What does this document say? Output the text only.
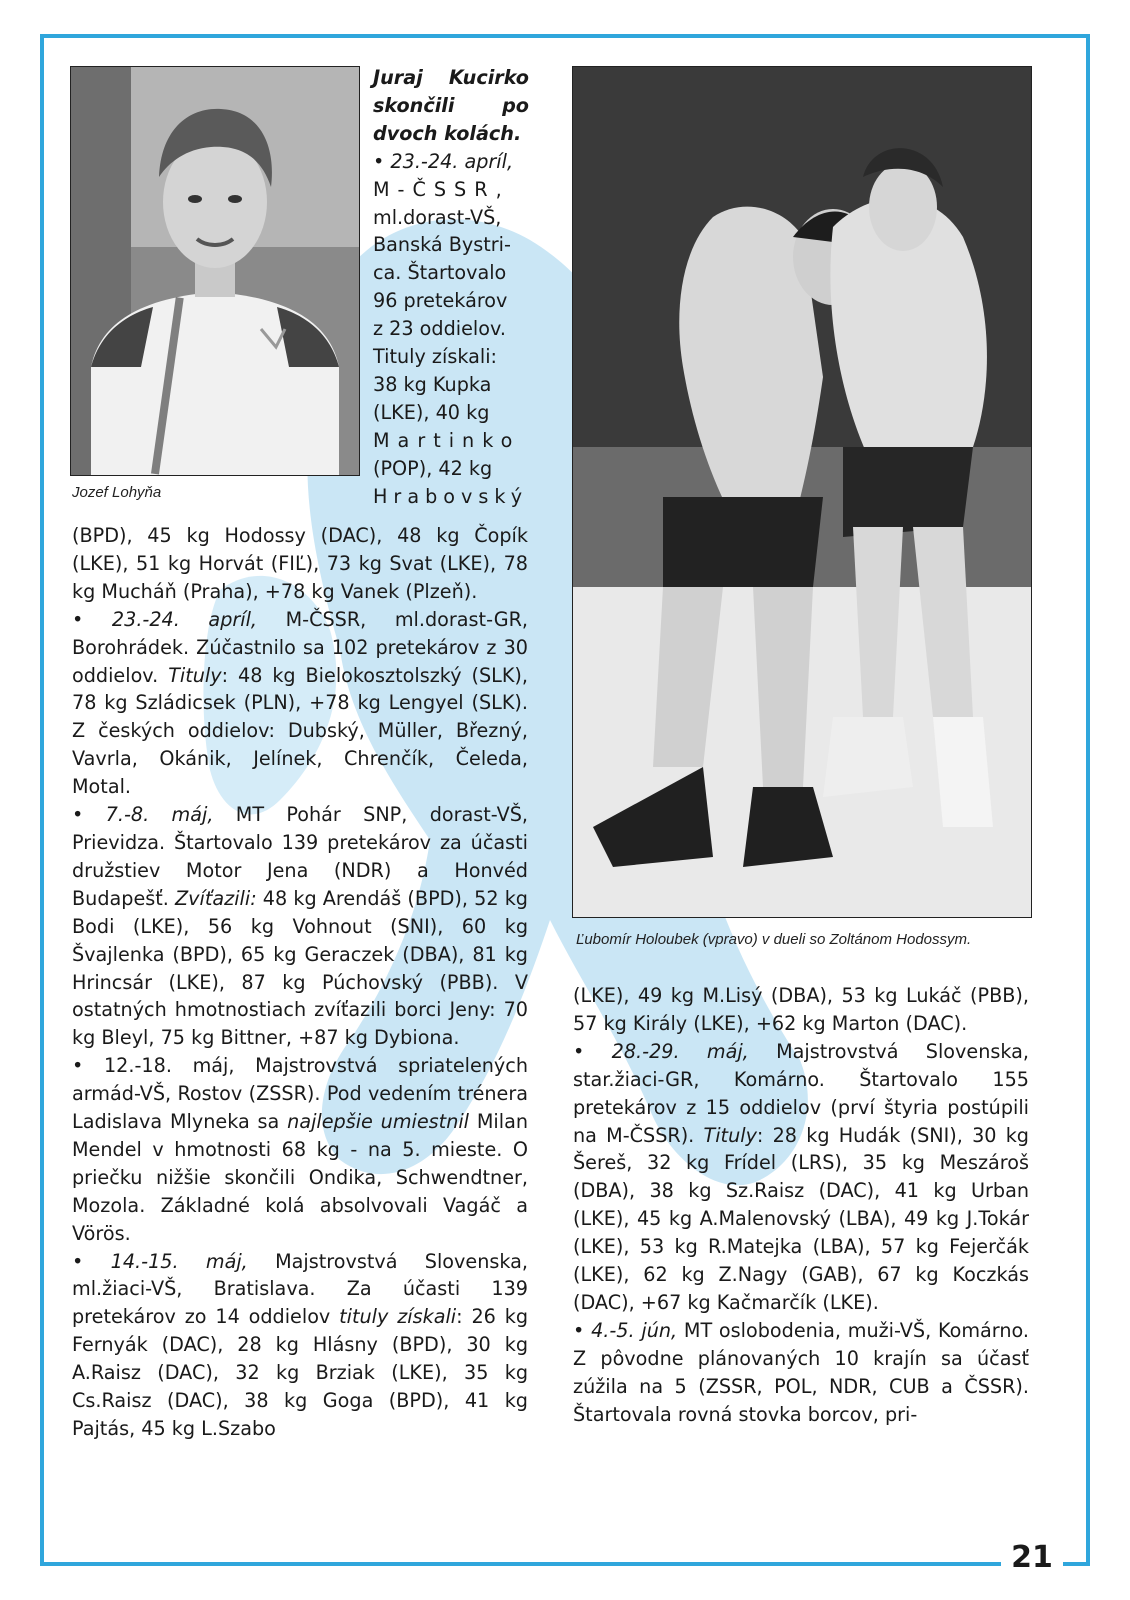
21
Jozef Lohyňa
Ľubomír Holoubek (vpravo) v dueli so Zoltánom Hodossym.

Juraj Kucirko skončili po dvoch kolách.

• 23.-24. apríl,

M-ČSSR,

ml.dorast-VŠ,

Banská Bystri-

ca. Štartovalo

96 pretekárov

z 23 oddielov.

Tituly získali:

38 kg Kupka

(LKE), 40 kg

Martinko

(POP), 42 kg

Hrabovský

(BPD), 45 kg Hodossy (DAC), 48 kg Čopík (LKE), 51 kg Horvát (FIĽ), 73 kg Svat (LKE), 78 kg Mucháň (Praha), +78 kg Vanek (Plzeň).

• 23.-24. apríl, M-ČSSR, ml.dorast-GR, Borohrádek. Zúčastnilo sa 102 pretekárov z 30 oddielov. Tituly: 48 kg Bielokosztolszký (SLK), 78 kg Szládicsek (PLN), +78 kg Lengyel (SLK). Z českých oddielov: Dubský, Müller, Březný, Vavrla, Okánik, Jelínek, Chrenčík, Čeleda, Motal.

• 7.-8. máj, MT Pohár SNP, dorast-VŠ, Prievidza. Štartovalo 139 pretekárov za účasti družstiev Motor Jena (NDR) a Honvéd Budapešť. Zvíťazili: 48 kg Arendáš (BPD), 52 kg Bodi (LKE), 56 kg Vohnout (SNI), 60 kg Švajlenka (BPD), 65 kg Geraczek (DBA), 81 kg Hrincsár (LKE), 87 kg Púchovský (PBB). V ostatných hmotnostiach zvíťazili borci Jeny: 70 kg Bleyl, 75 kg Bittner, +87 kg Dybiona.

• 12.-18. máj, Majstrovstvá spriatelených armád-VŠ, Rostov (ZSSR). Pod vedením trénera Ladislava Mlyneka sa najlepšie umiestnil Milan Mendel v hmotnosti 68 kg - na 5. mieste. O priečku nižšie skončili Ondika, Schwendtner, Mozola. Základné kolá absolvovali Vagáč a Vörös.

• 14.-15. máj, Majstrovstvá Slovenska, ml.žiaci-VŠ, Bratislava. Za účasti 139 pretekárov zo 14 oddielov tituly získali: 26 kg Fernyák (DAC), 28 kg Hlásny (BPD), 30 kg A.Raisz (DAC), 32 kg Brziak (LKE), 35 kg Cs.Raisz (DAC), 38 kg Goga (BPD), 41 kg Pajtás, 45 kg L.Szabo

(LKE), 49 kg M.Lisý (DBA), 53 kg Lukáč (PBB), 57 kg Király (LKE), +62 kg Marton (DAC).

• 28.-29. máj, Majstrovstvá Slovenska, star.žiaci-GR, Komárno. Štartovalo 155 pretekárov z 15 oddielov (prví štyria postúpili na M-ČSSR). Tituly: 28 kg Hudák (SNI), 30 kg Šereš, 32 kg Frídel (LRS), 35 kg Meszároš (DBA), 38 kg Sz.Raisz (DAC), 41 kg Urban (LKE), 45 kg A.Malenovský (LBA), 49 kg J.Tokár (LKE), 53 kg R.Matejka (LBA), 57 kg Fejerčák (LKE), 62 kg Z.Nagy (GAB), 67 kg Koczkás (DAC), +67 kg Kačmarčík (LKE).

• 4.-5. jún, MT oslobodenia, muži-VŠ, Komárno. Z pôvodne plánovaných 10 krajín sa účasť zúžila na 5 (ZSSR, POL, NDR, CUB a ČSSR). Štartovala rovná stovka borcov, pri-
